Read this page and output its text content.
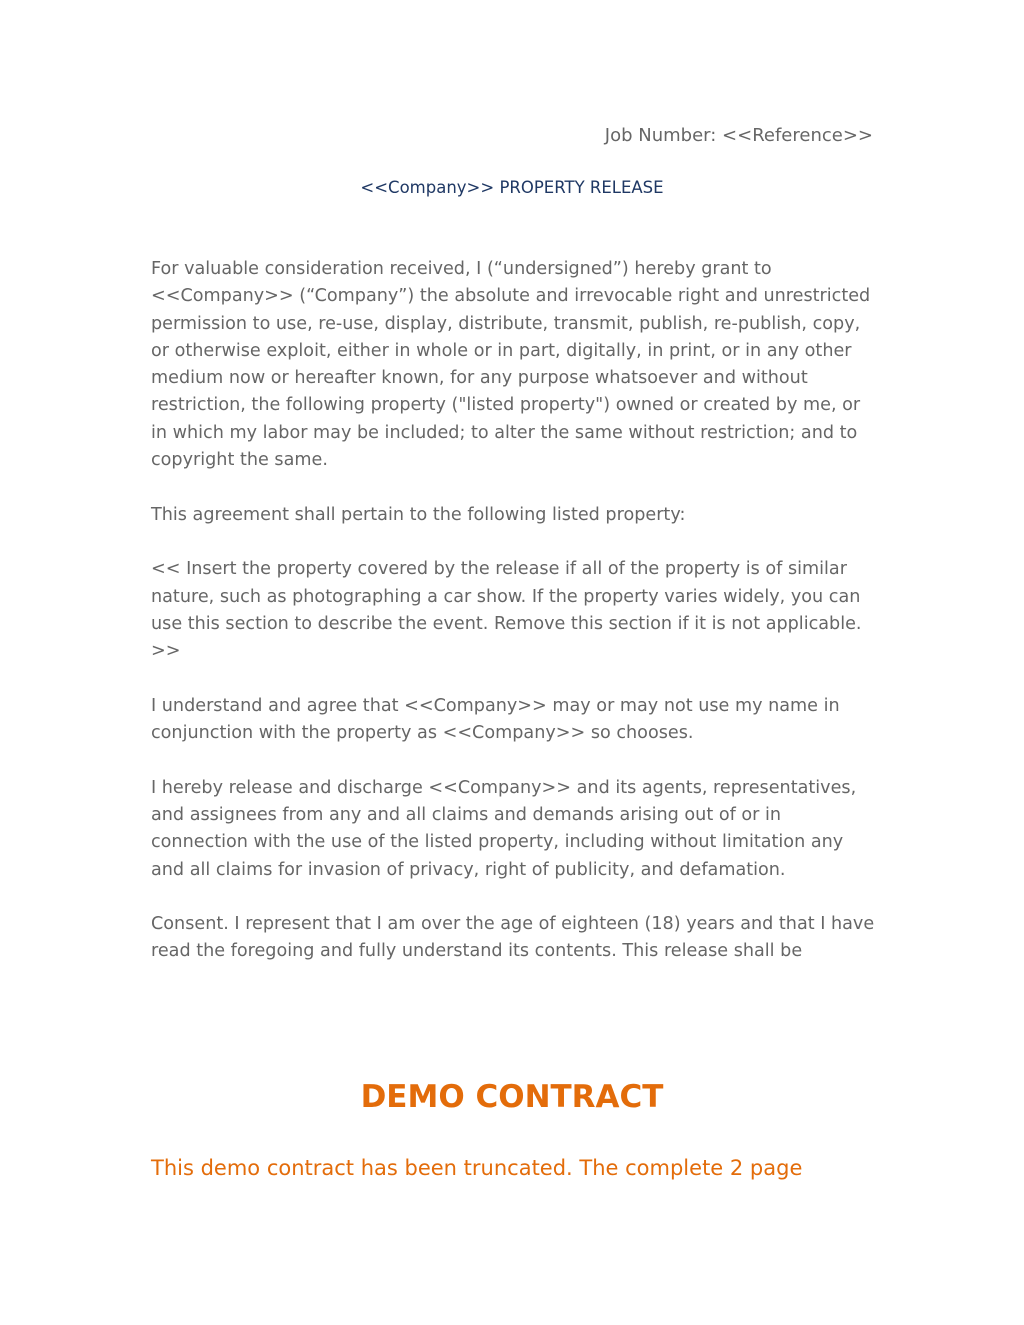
Job Number: <<Reference>>
<<Company>> PROPERTY RELEASE

For valuable consideration received, I (“undersigned”) hereby grant to <<Company>> (“Company”) the absolute and irrevocable right and unrestricted permission to use, re-use, display, distribute, transmit, publish, re-publish, copy, or otherwise exploit, either in whole or in part, digitally, in print, or in any other medium now or hereafter known, for any purpose whatsoever and without restriction, the following property ("listed property") owned or created by me, or in which my labor may be included; to alter the same without restriction; and to copyright the same.

This agreement shall pertain to the following listed property:

<< Insert the property covered by the release if all of the property is of similar nature, such as photographing a car show. If the property varies widely, you can use this section to describe the event. Remove this section if it is not applicable. >>

I understand and agree that <<Company>> may or may not use my name in conjunction with the property as <<Company>> so chooses.

I hereby release and discharge <<Company>> and its agents, representatives, and assignees from any and all claims and demands arising out of or in connection with the use of the listed property, including without limitation any and all claims for invasion of privacy, right of publicity, and defamation.

Consent. I represent that I am over the age of eighteen (18) years and that I have read the foregoing and fully understand its contents. This release shall be

DEMO CONTRACT
This demo contract has been truncated. The complete 2 page
